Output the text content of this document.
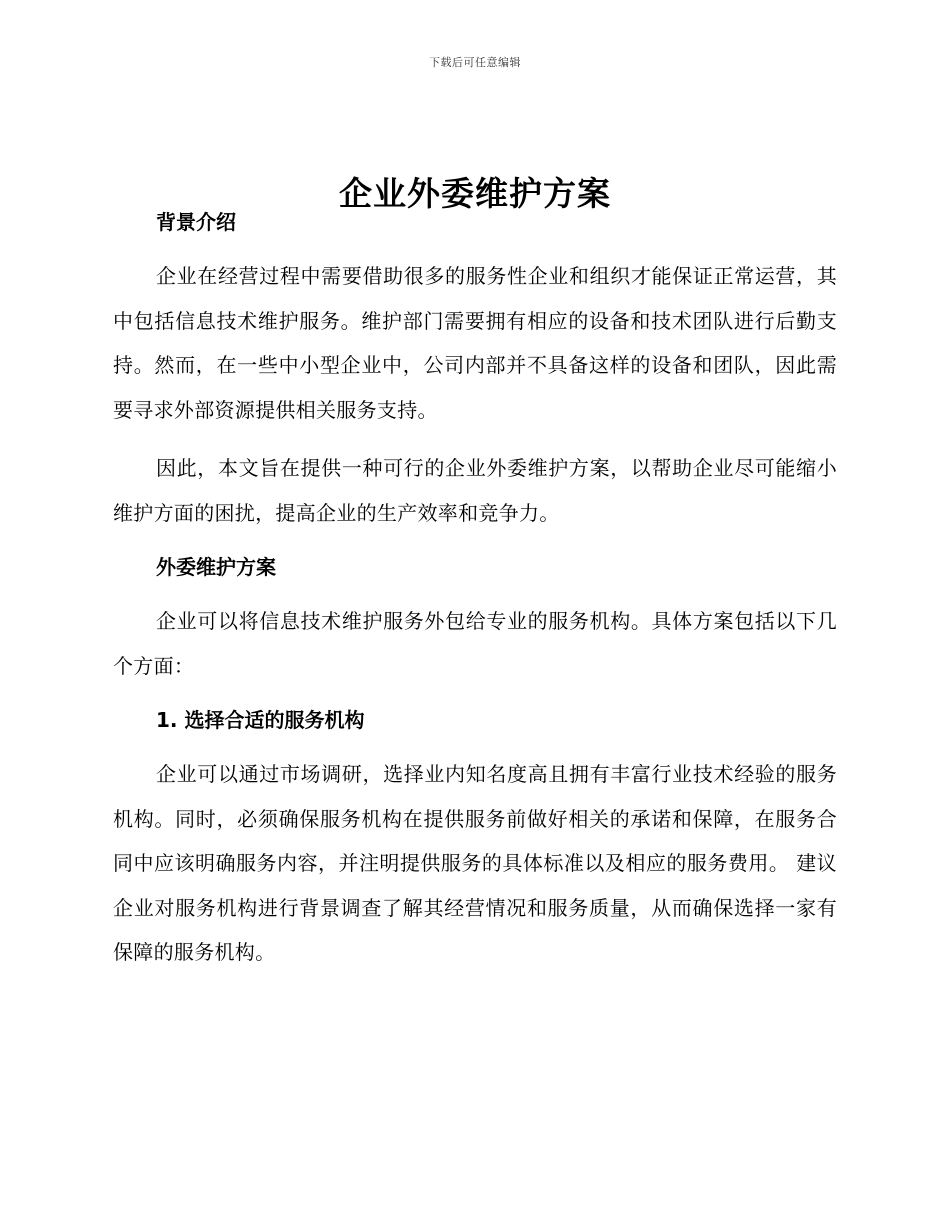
下载后可任意编辑
企业外委维护方案

背景介绍

企业在经营过程中需要借助很多的服务性企业和组织才能保证正常运营，其中包括信息技术维护服务。维护部门需要拥有相应的设备和技术团队进行后勤支持。然而，在一些中小型企业中，公司内部并不具备这样的设备和团队，因此需要寻求外部资源提供相关服务支持。

因此，本文旨在提供一种可行的企业外委维护方案，以帮助企业尽可能缩小维护方面的困扰，提高企业的生产效率和竞争力。

外委维护方案

企业可以将信息技术维护服务外包给专业的服务机构。具体方案包括以下几个方面：

1. 选择合适的服务机构

企业可以通过市场调研，选择业内知名度高且拥有丰富行业技术经验的服务机构。同时，必须确保服务机构在提供服务前做好相关的承诺和保障，在服务合同中应该明确服务内容，并注明提供服务的具体标准以及相应的服务费用。 建议企业对服务机构进行背景调查了解其经营情况和服务质量，从而确保选择一家有保障的服务机构。
